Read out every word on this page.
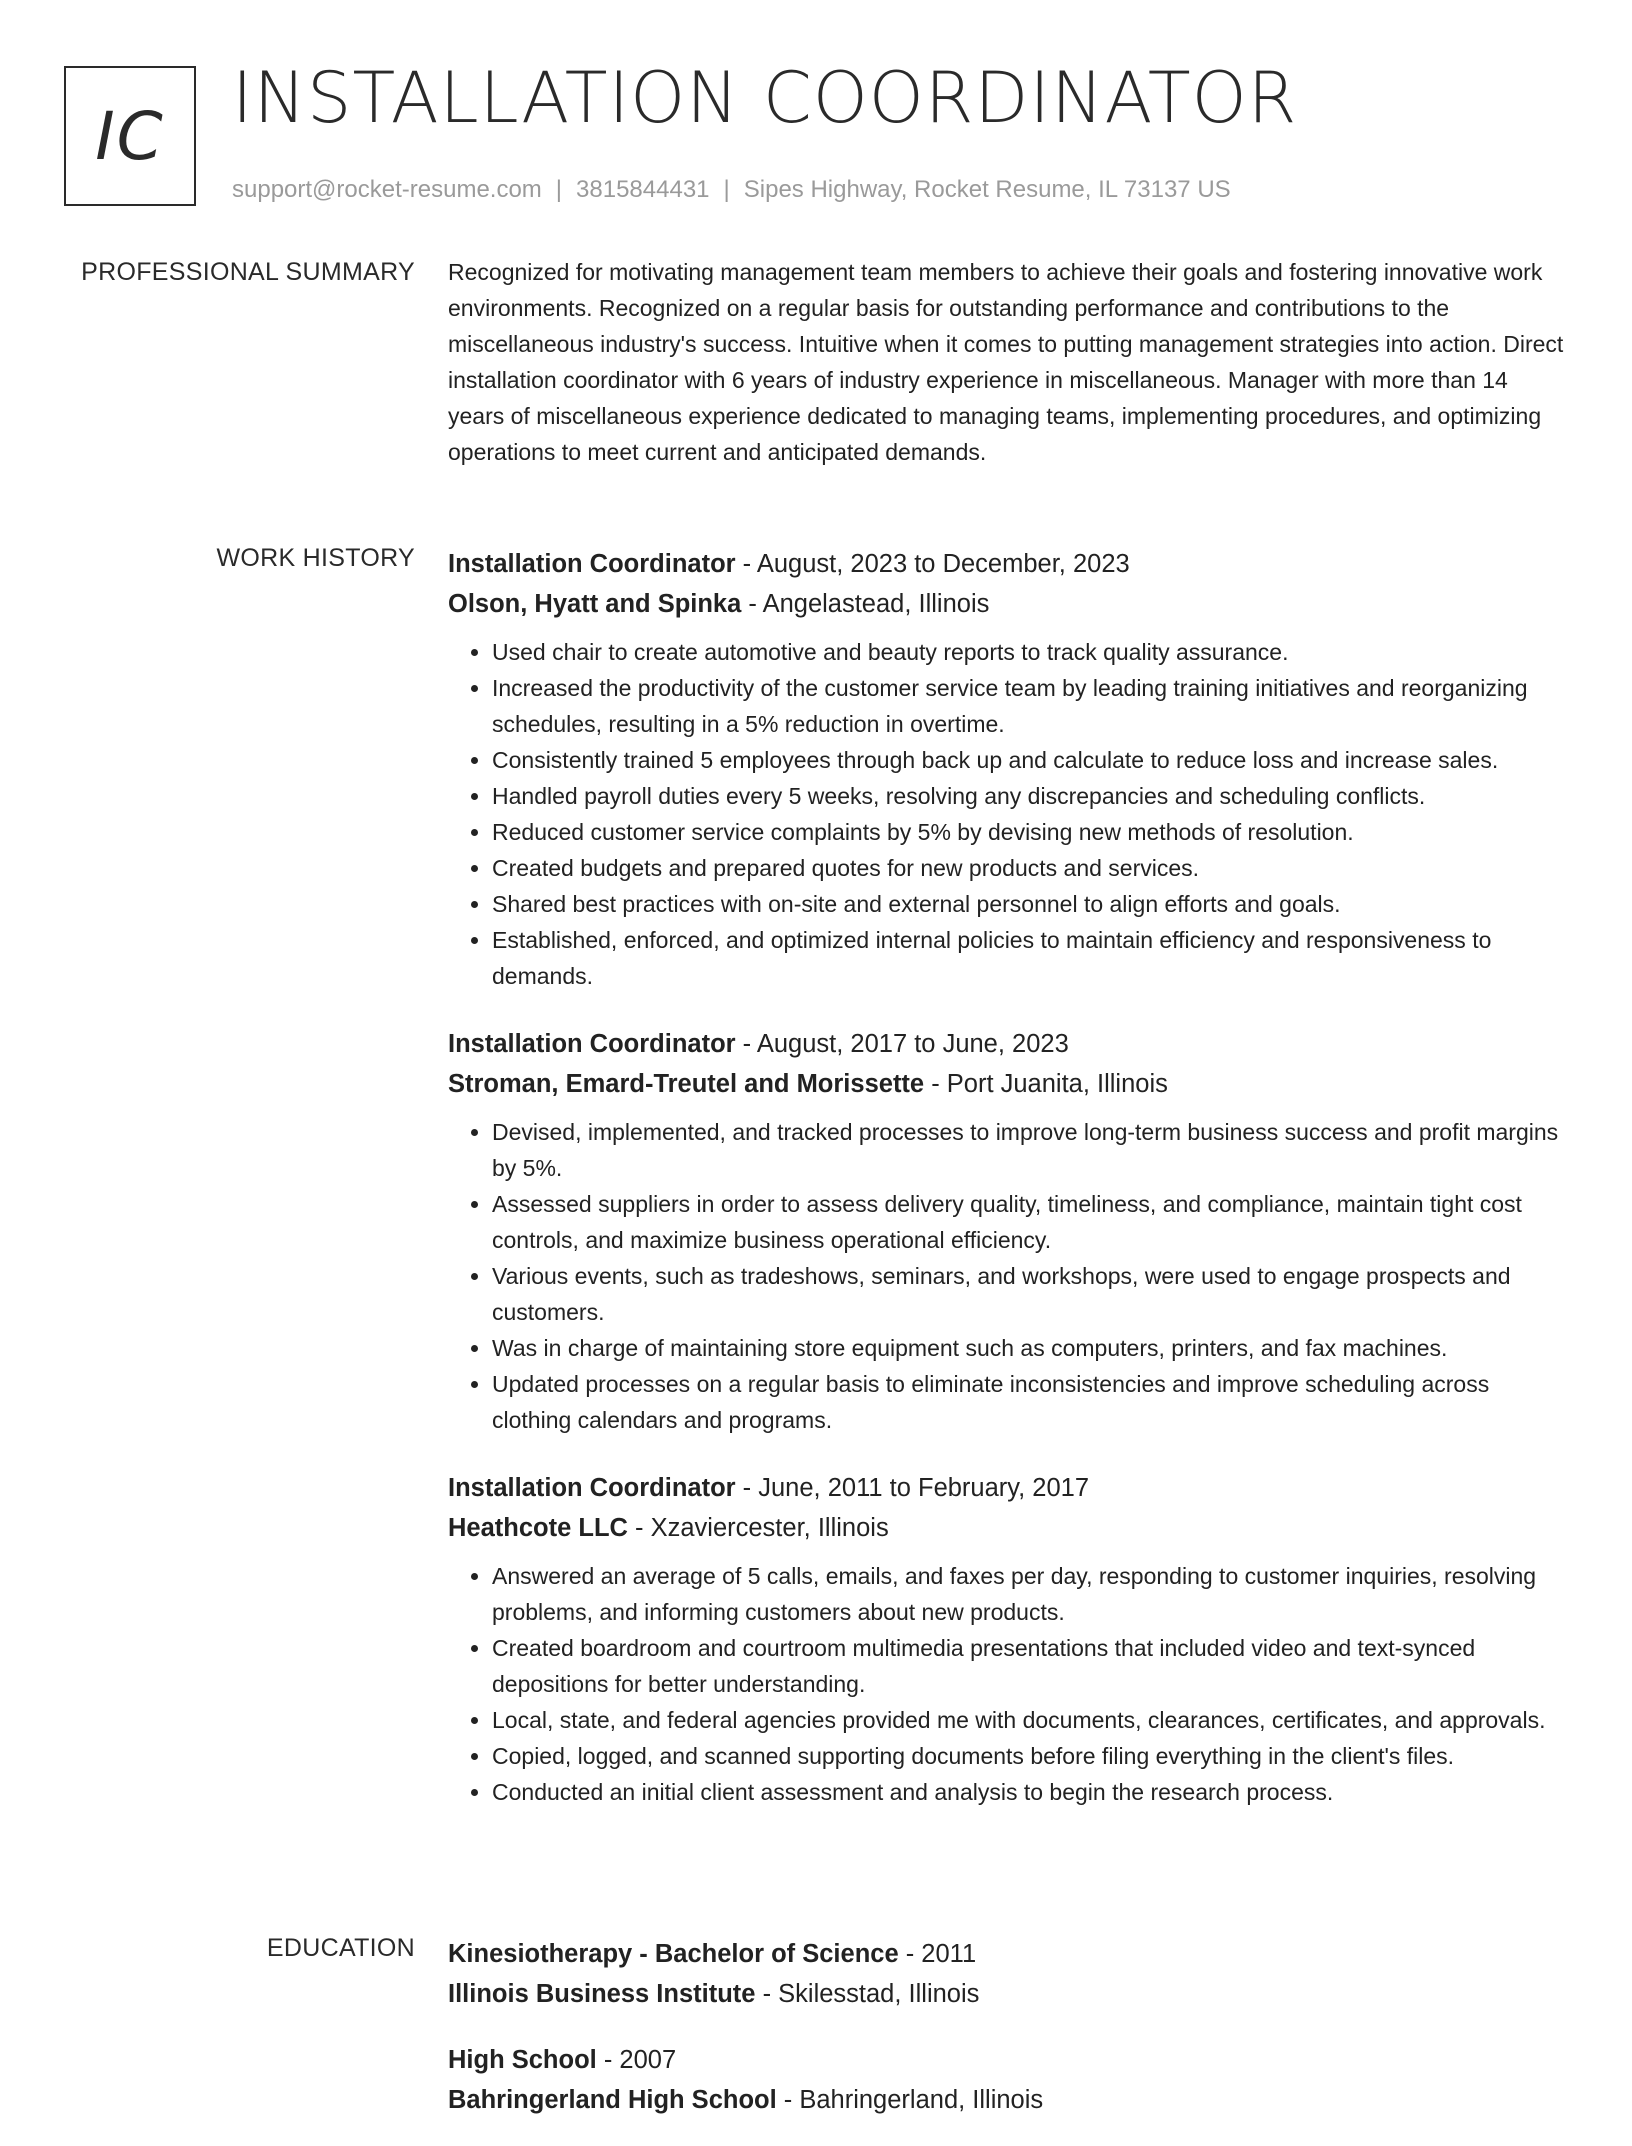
IC INSTALLATION COORDINATOR
support@rocket-resume.com | 3815844431 | Sipes Highway, Rocket Resume, IL 73137 US
PROFESSIONAL SUMMARY Recognized for motivating management team members to achieve their goals and fostering innovative work environments. Recognized on a regular basis for outstanding performance and contributions to the miscellaneous industry's success. Intuitive when it comes to putting management strategies into action. Direct installation coordinator with 6 years of industry experience in miscellaneous. Manager with more than 14 years of miscellaneous experience dedicated to managing teams, implementing procedures, and optimizing operations to meet current and anticipated demands.

WORK HISTORY Installation Coordinator - August, 2023 to December, 2023
Olson, Hyatt and Spinka - Angelastead, Illinois
• Used chair to create automotive and beauty reports to track quality assurance.
• Increased the productivity of the customer service team by leading training initiatives and reorganizing schedules, resulting in a 5% reduction in overtime.
• Consistently trained 5 employees through back up and calculate to reduce loss and increase sales.
• Handled payroll duties every 5 weeks, resolving any discrepancies and scheduling conflicts.
• Reduced customer service complaints by 5% by devising new methods of resolution.
• Created budgets and prepared quotes for new products and services.
• Shared best practices with on-site and external personnel to align efforts and goals.
• Established, enforced, and optimized internal policies to maintain efficiency and responsiveness to demands.
Installation Coordinator - August, 2017 to June, 2023
Stroman, Emard-Treutel and Morissette - Port Juanita, Illinois
• Devised, implemented, and tracked processes to improve long-term business success and profit margins by 5%.
• Assessed suppliers in order to assess delivery quality, timeliness, and compliance, maintain tight cost controls, and maximize business operational efficiency.
• Various events, such as tradeshows, seminars, and workshops, were used to engage prospects and customers.
• Was in charge of maintaining store equipment such as computers, printers, and fax machines.
• Updated processes on a regular basis to eliminate inconsistencies and improve scheduling across clothing calendars and programs.
Installation Coordinator - June, 2011 to February, 2017
Heathcote LLC - Xzaviercester, Illinois
• Answered an average of 5 calls, emails, and faxes per day, responding to customer inquiries, resolving problems, and informing customers about new products.
• Created boardroom and courtroom multimedia presentations that included video and text-synced depositions for better understanding.
• Local, state, and federal agencies provided me with documents, clearances, certificates, and approvals.
• Copied, logged, and scanned supporting documents before filing everything in the client's files.
• Conducted an initial client assessment and analysis to begin the research process.
EDUCATION Kinesiotherapy - Bachelor of Science - 2011
Illinois Business Institute - Skilesstad, Illinois
High School - 2007
Bahringerland High School - Bahringerland, Illinois
